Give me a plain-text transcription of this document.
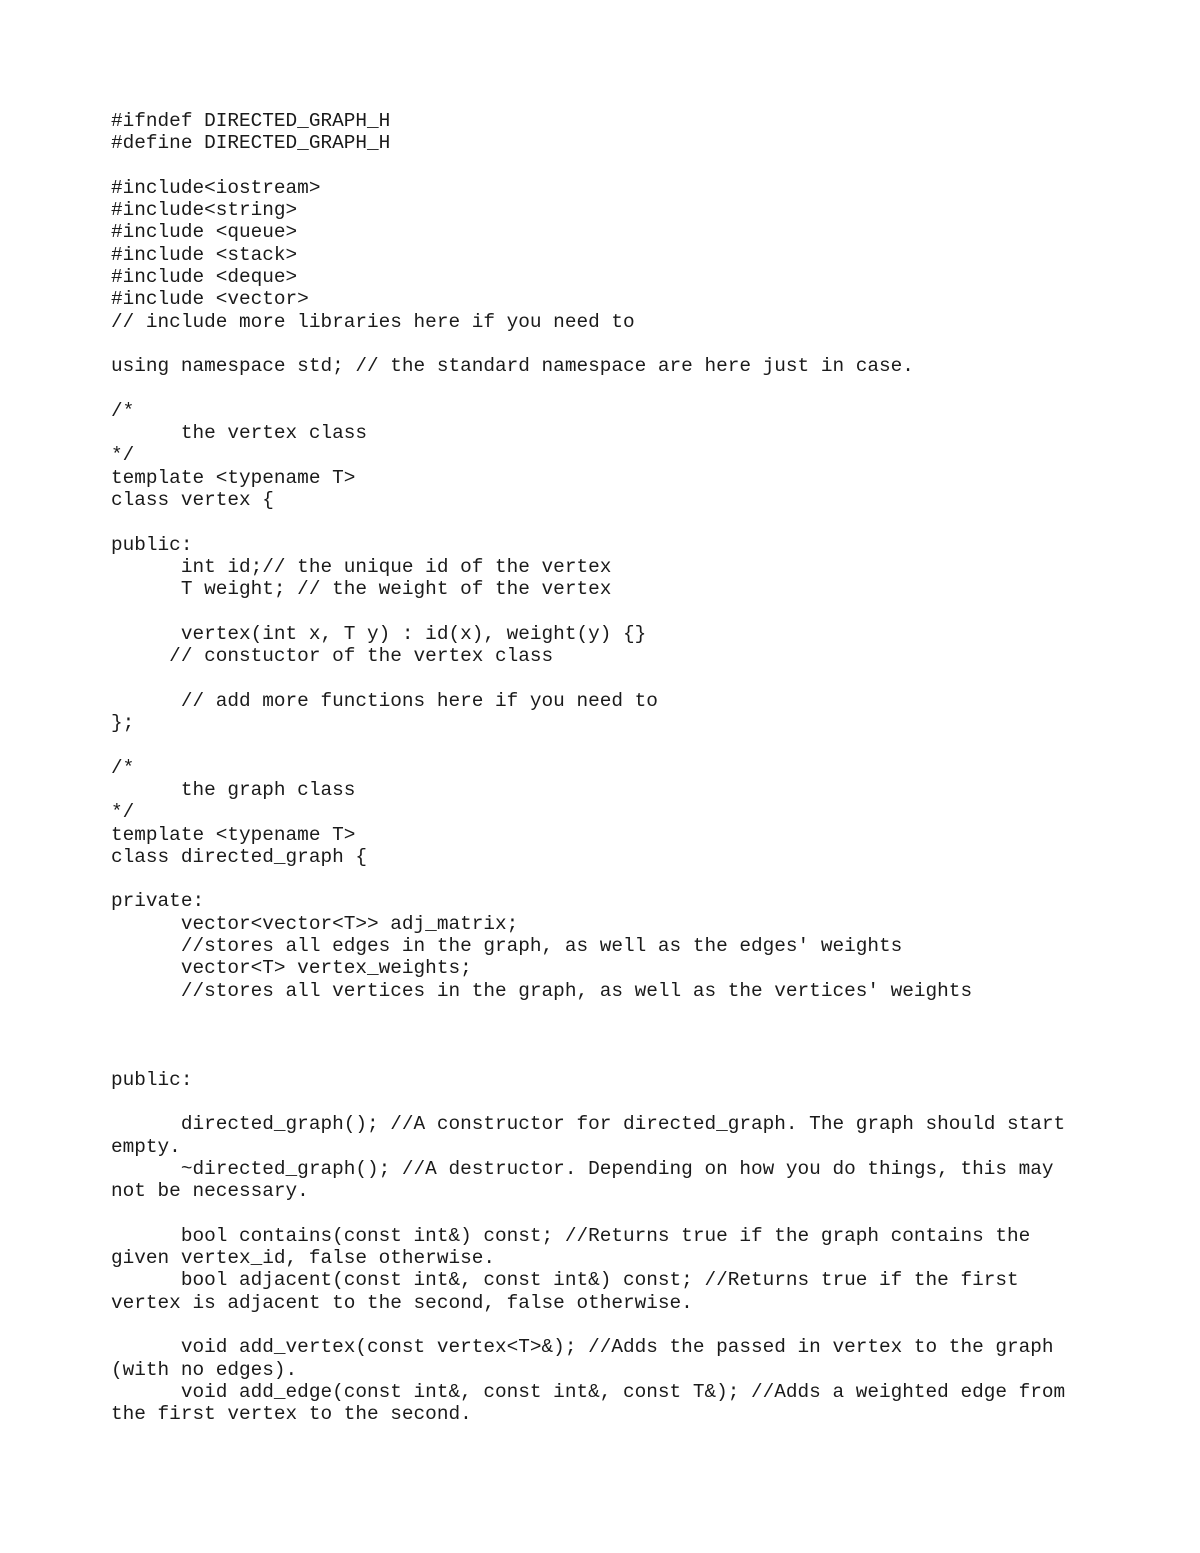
#ifndef DIRECTED_GRAPH_H
#define DIRECTED_GRAPH_H
#include<iostream>
#include<string>
#include <queue>
#include <stack>
#include <deque>
#include <vector>
// include more libraries here if you need to
using namespace std; // the standard namespace are here just in case.
/*
the vertex class
*/
template <typename T>
class vertex {
public:
int id;// the unique id of the vertex
T weight; // the weight of the vertex
vertex(int x, T y) : id(x), weight(y) {}
// constuctor of the vertex class
// add more functions here if you need to
};
/*
the graph class
*/
template <typename T>
class directed_graph {
private:
vector<vector<T>> adj_matrix;
//stores all edges in the graph, as well as the edges' weights
vector<T> vertex_weights;
//stores all vertices in the graph, as well as the vertices' weights
public:
directed_graph(); //A constructor for directed_graph. The graph should start
empty.
~directed_graph(); //A destructor. Depending on how you do things, this may
not be necessary.
bool contains(const int&) const; //Returns true if the graph contains the
given vertex_id, false otherwise.
bool adjacent(const int&, const int&) const; //Returns true if the first
vertex is adjacent to the second, false otherwise.
void add_vertex(const vertex<T>&); //Adds the passed in vertex to the graph
(with no edges).
void add_edge(const int&, const int&, const T&); //Adds a weighted edge from
the first vertex to the second.
